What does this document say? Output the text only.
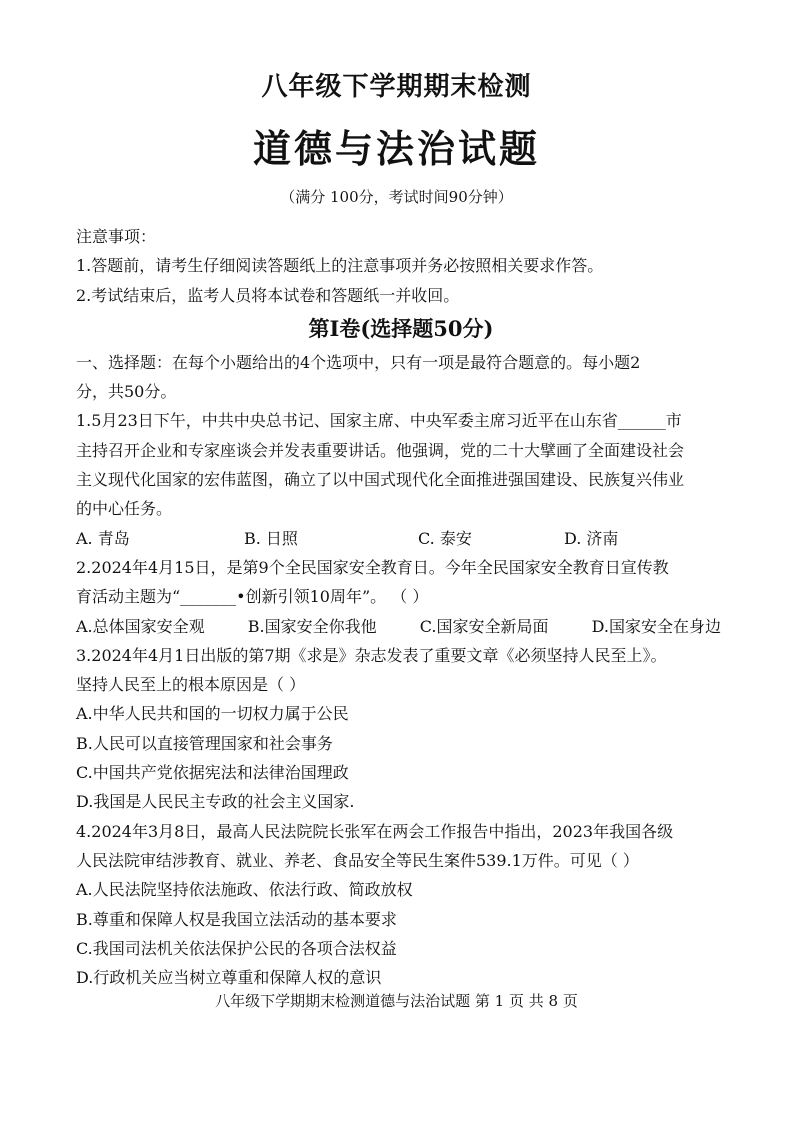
八年级下学期期末检测
道德与法治试题
（满分 100分，考试时间90分钟）
注意事项：
1.答题前，请考生仔细阅读答题纸上的注意事项并务必按照相关要求作答。
2.考试结束后，监考人员将本试卷和答题纸一并收回。
第Ⅰ卷(选择题50分)
一、选择题：在每个小题给出的4个选项中，只有一项是最符合题意的。每小题2
分，共50分。
1.5月23日下午，中共中央总书记、国家主席、中央军委主席习近平在山东省______市
主持召开企业和专家座谈会并发表重要讲话。他强调，党的二十大擘画了全面建设社会
主义现代化国家的宏伟蓝图，确立了以中国式现代化全面推进强国建设、民族复兴伟业
的中心任务。
A. 青岛	B. 日照	C. 泰安	D. 济南
2.2024年4月15日，是第9个全民国家安全教育日。今年全民国家安全教育日宣传教
育活动主题为“_______•创新引领10周年”。 （ ）
A.总体国家安全观	B.国家安全你我他	C.国家安全新局面	D.国家安全在身边
3.2024年4月1日出版的第7期《求是》杂志发表了重要文章《必须坚持人民至上》。
坚持人民至上的根本原因是（ ）
A.中华人民共和国的一切权力属于公民
B.人民可以直接管理国家和社会事务
C.中国共产党依据宪法和法律治国理政
D.我国是人民民主专政的社会主义国家.
4.2024年3月8日，最高人民法院院长张军在两会工作报告中指出，2023年我国各级
人民法院审结涉教育、就业、养老、食品安全等民生案件539.1万件。可见（ ）
A.人民法院坚持依法施政、依法行政、简政放权
B.尊重和保障人权是我国立法活动的基本要求
C.我国司法机关依法保护公民的各项合法权益
D.行政机关应当树立尊重和保障人权的意识
八年级下学期期末检测道德与法治试题 第 1 页 共 8 页
